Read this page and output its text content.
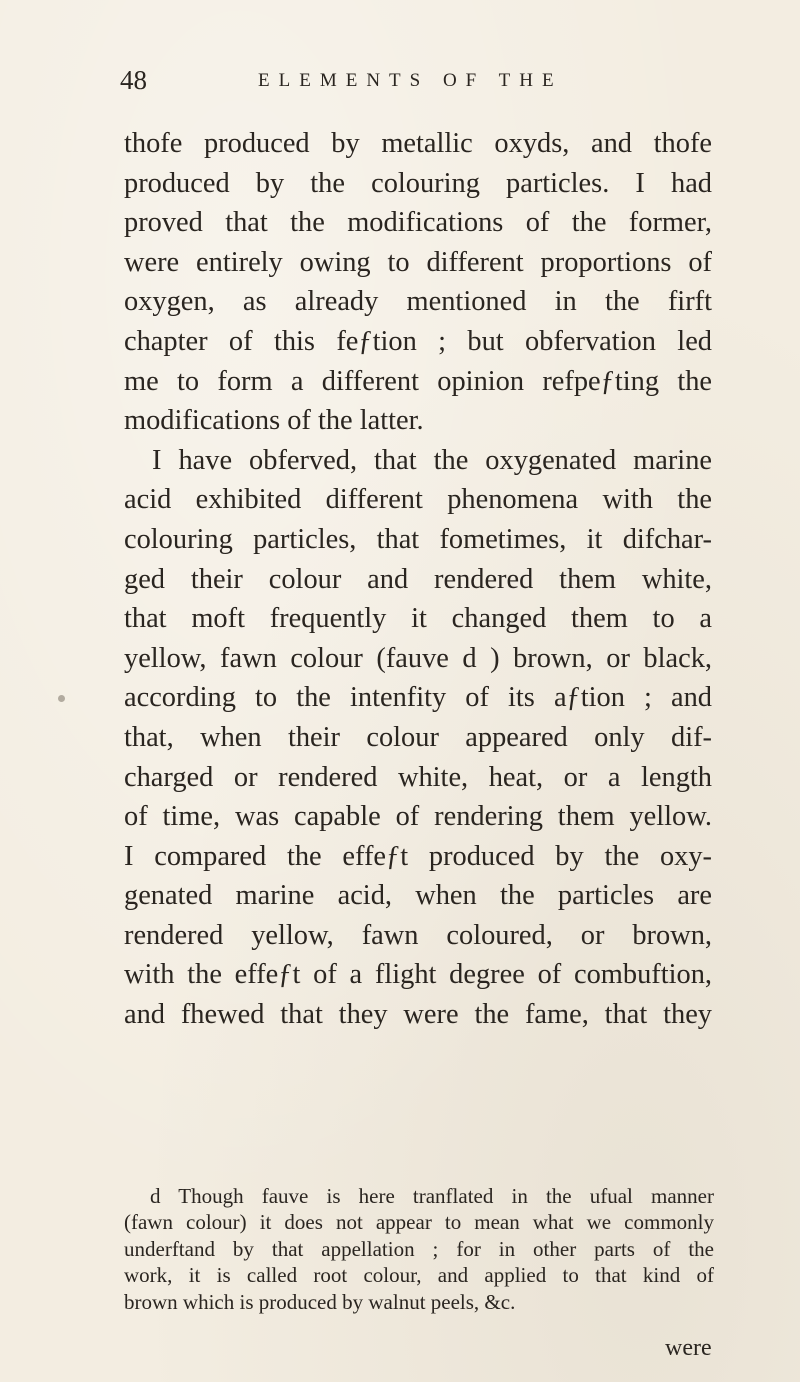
48	ELEMENTS OF THE
thofe produced by metallic oxyds, and thofe
produced by the colouring particles. I had
proved that the modifications of the former,
were entirely owing to different proportions of
oxygen, as already mentioned in the firft
chapter of this feƒtion ; but obfervation led
me to form a different opinion refpeƒting the
modifications of the latter.
I have obferved, that the oxygenated marine
acid exhibited different phenomena with the
colouring particles, that fometimes, it difchar-
ged their colour and rendered them white,
that moft frequently it changed them to a
yellow, fawn colour (fauve d ) brown, or black,
according to the intenfity of its aƒtion ; and
that, when their colour appeared only dif-
charged or rendered white, heat, or a length
of time, was capable of rendering them yellow.
I compared the effeƒt produced by the oxy-
genated marine acid, when the particles are
rendered yellow, fawn coloured, or brown,
with the effeƒt of a flight degree of combuftion,
and fhewed that they were the fame, that they
d Though fauve is here tranflated in the ufual manner
(fawn colour) it does not appear to mean what we commonly
underftand by that appellation ; for in other parts of the
work, it is called root colour, and applied to that kind of
brown which is produced by walnut peels, &c.
were
